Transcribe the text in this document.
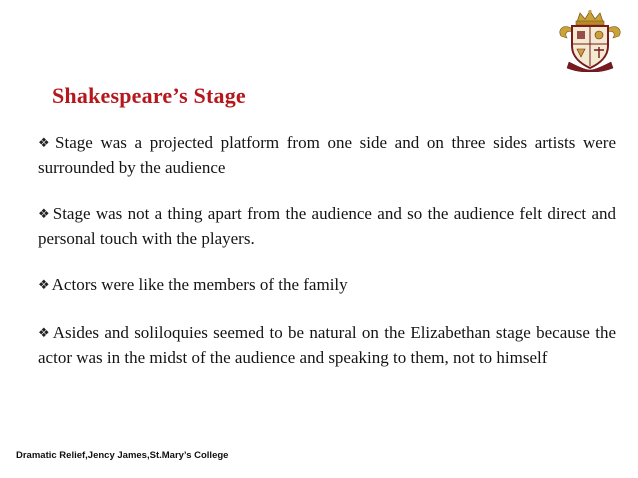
Shakespeare’s Stage

❖ Stage was a projected platform from one side and on three sides artists were surrounded by the audience

❖ Stage was not a thing apart from the audience and so the audience felt direct and personal touch with the players.

❖ Actors were like the members of the family

❖ Asides and soliloquies seemed to be natural on the Elizabethan stage because the actor was in the midst of the audience and speaking to them, not to himself

Dramatic Relief,Jency James,St.Mary’s College
